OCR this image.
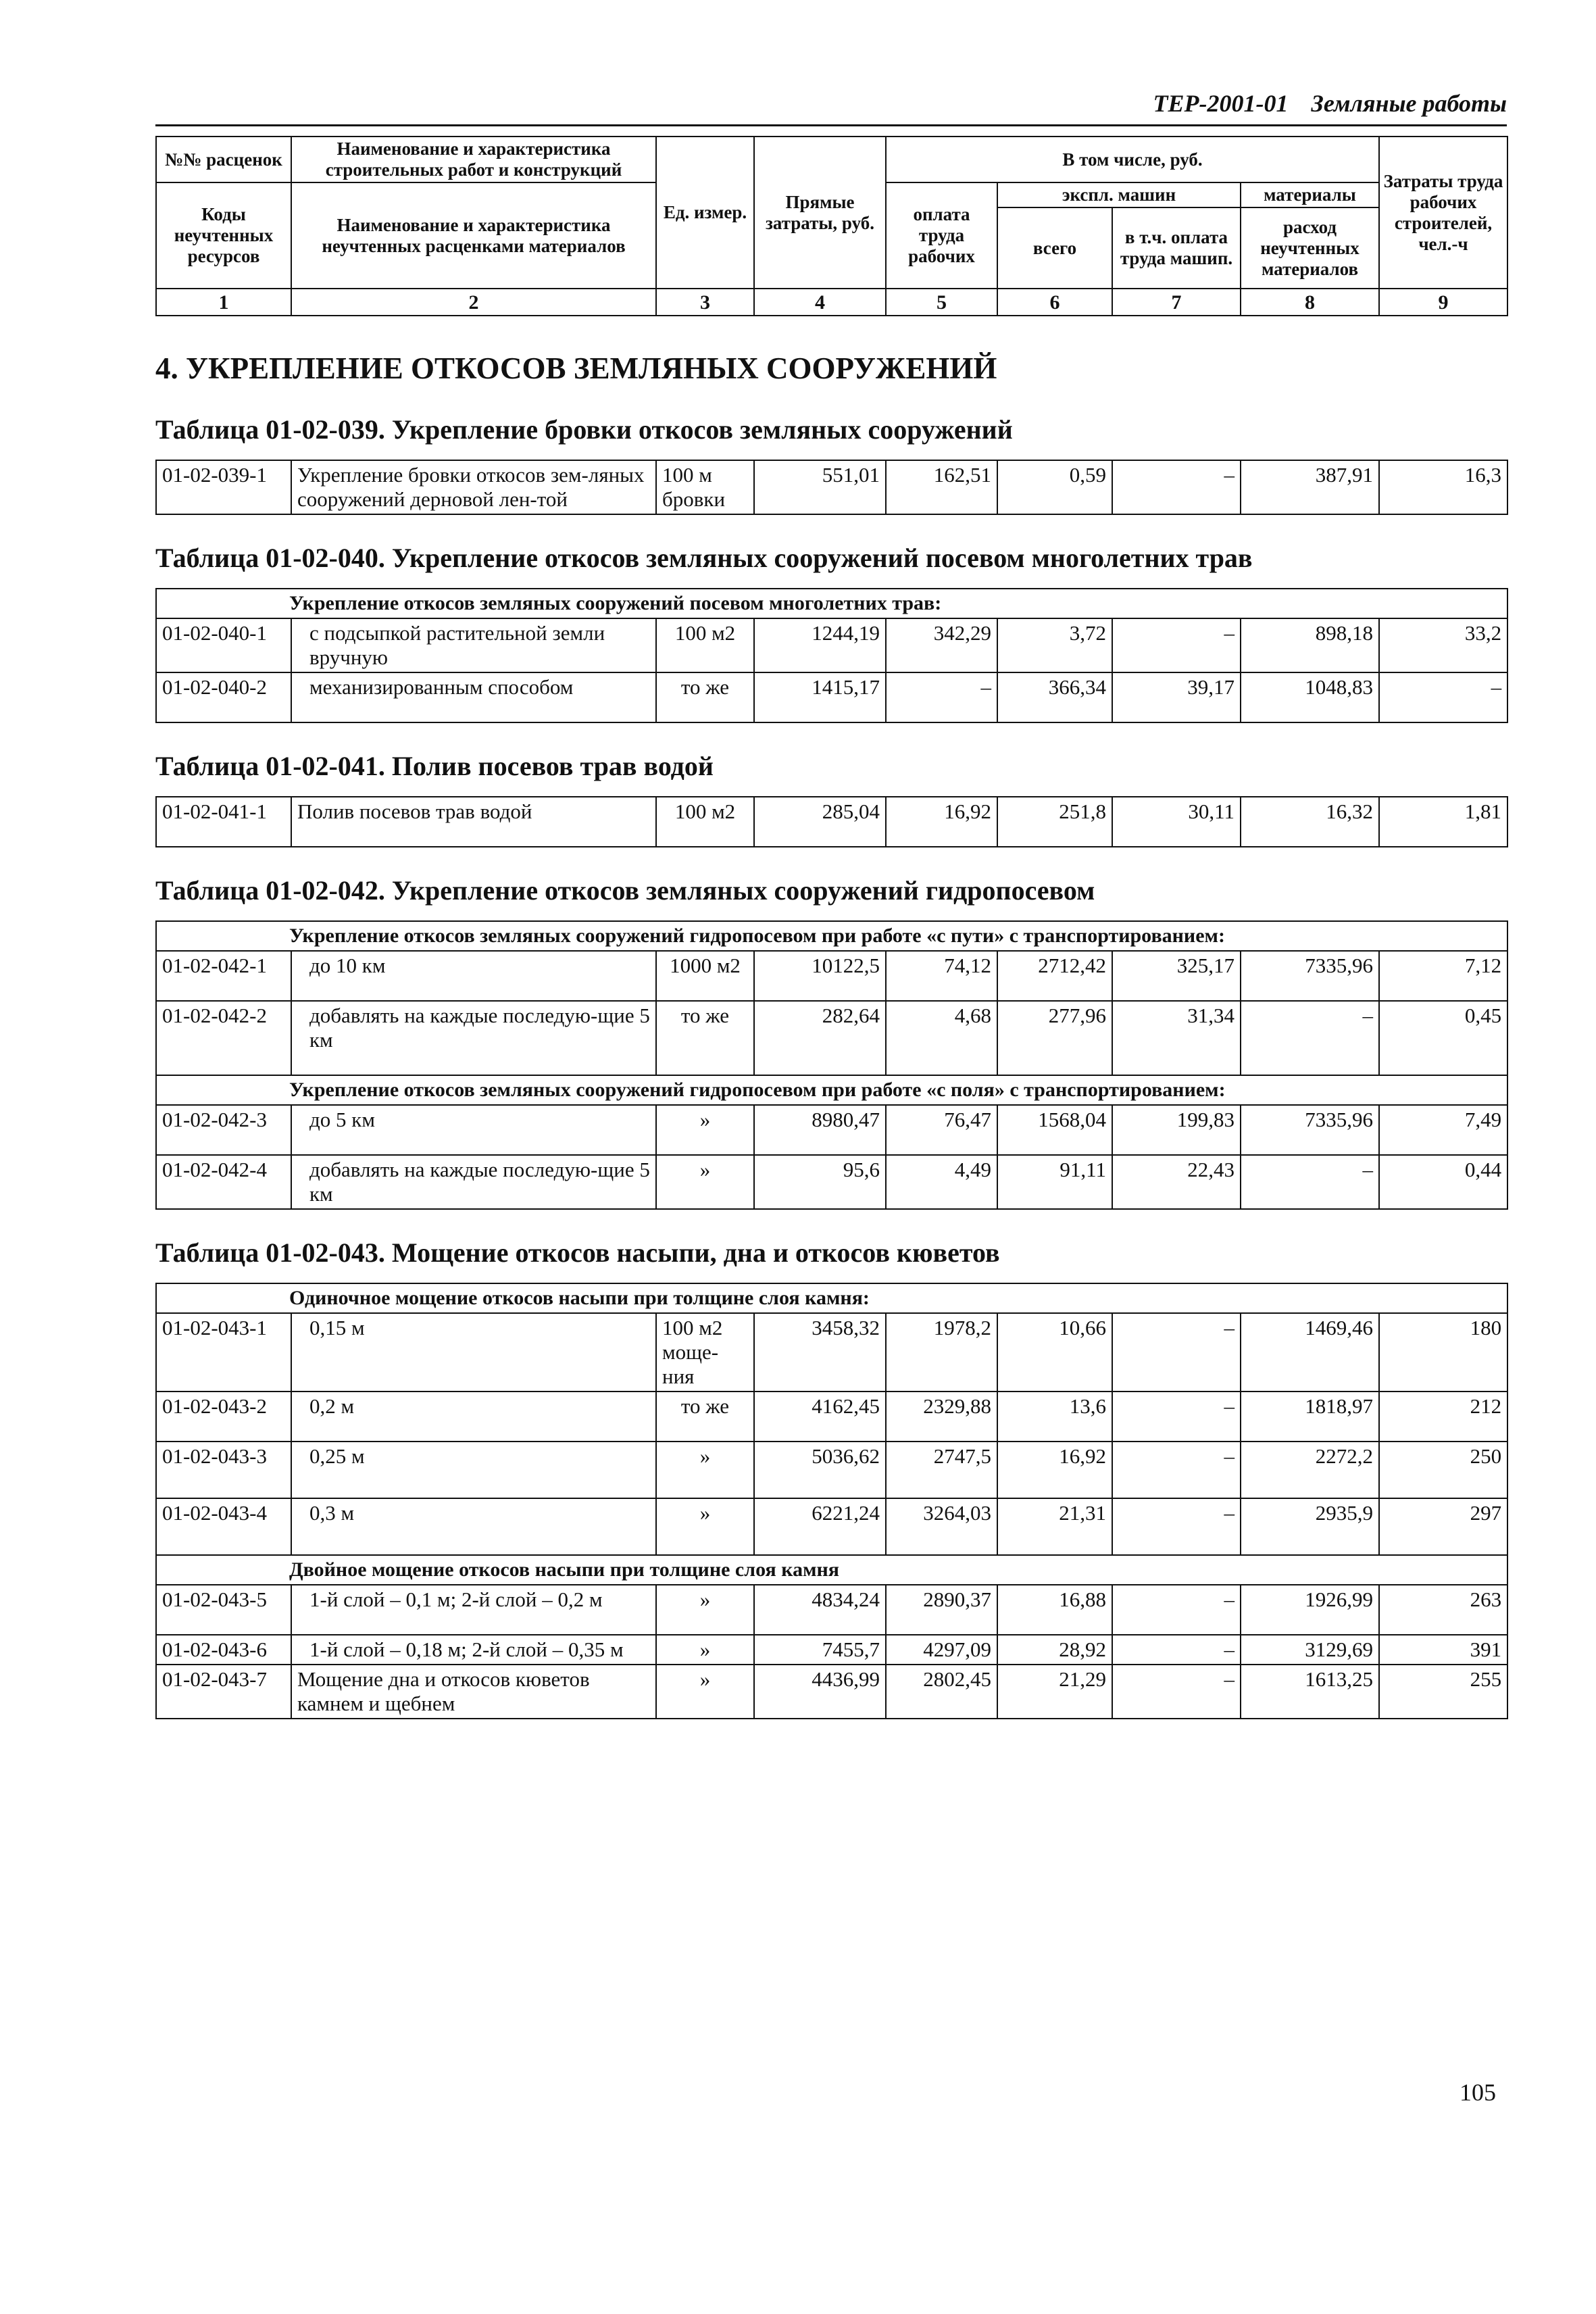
ТЕР-2001-01 Земляные работы
№№ расценок	Наименование и характеристика строительных работ и конструкций	Ед. измер.	Прямые затраты, руб.	В том числе, руб.				Затраты труда рабочих строителей, чел.-ч
Коды неучтенных ресурсов	Наименование и характеристика неучтенных расценками материалов			оплата труда рабочих	экспл. машин		материалы	
					всего	в т.ч. оплата труда машип.	расход неучтенных материалов	
1	2	3	4	5	6	7	8	9
4. УКРЕПЛЕНИЕ ОТКОСОВ ЗЕМЛЯНЫХ СООРУЖЕНИЙ
Таблица 01-02-039. Укрепление бровки откосов земляных сооружений
01-02-039-1	Укрепление бровки откосов зем-ляных сооружений дерновой лен-той	100 м бровки	551,01	162,51	0,59	–	387,91	16,3
Таблица 01-02-040. Укрепление откосов земляных сооружений посевом многолетних трав
Укрепление откосов земляных сооружений посевом многолетних трав:								
01-02-040-1	с подсыпкой растительной земли вручную	100 м2	1244,19	342,29	3,72	–	898,18	33,2
01-02-040-2	механизированным способом	то же	1415,17	–	366,34	39,17	1048,83	–
Таблица 01-02-041. Полив посевов трав водой
01-02-041-1	Полив посевов трав водой	100 м2	285,04	16,92	251,8	30,11	16,32	1,81
Таблица 01-02-042. Укрепление откосов земляных сооружений гидропосевом
Укрепление откосов земляных сооружений гидропосевом при работе «с пути» с транспортированием:								
01-02-042-1	до 10 км	1000 м2	10122,5	74,12	2712,42	325,17	7335,96	7,12
01-02-042-2	добавлять на каждые последую-щие 5 км	то же	282,64	4,68	277,96	31,34	–	0,45
Укрепление откосов земляных сооружений гидропосевом при работе «с поля» с транспортированием:								
01-02-042-3	до 5 км	»	8980,47	76,47	1568,04	199,83	7335,96	7,49
01-02-042-4	добавлять на каждые последую-щие 5 км	»	95,6	4,49	91,11	22,43	–	0,44
Таблица 01-02-043. Мощение откосов насыпи, дна и откосов кюветов
Одиночное мощение откосов насыпи при толщине слоя камня:								
01-02-043-1	0,15 м	100 м2 моще-ния	3458,32	1978,2	10,66	–	1469,46	180
01-02-043-2	0,2 м	то же	4162,45	2329,88	13,6	–	1818,97	212
01-02-043-3	0,25 м	»	5036,62	2747,5	16,92	–	2272,2	250
01-02-043-4	0,3 м	»	6221,24	3264,03	21,31	–	2935,9	297
Двойное мощение откосов насыпи при толщине слоя камня								
01-02-043-5	1-й слой – 0,1 м; 2-й слой – 0,2 м	»	4834,24	2890,37	16,88	–	1926,99	263
01-02-043-6	1-й слой – 0,18 м; 2-й слой – 0,35 м	»	7455,7	4297,09	28,92	–	3129,69	391
01-02-043-7	Мощение дна и откосов кюветов камнем и щебнем	»	4436,99	2802,45	21,29	–	1613,25	255
105
